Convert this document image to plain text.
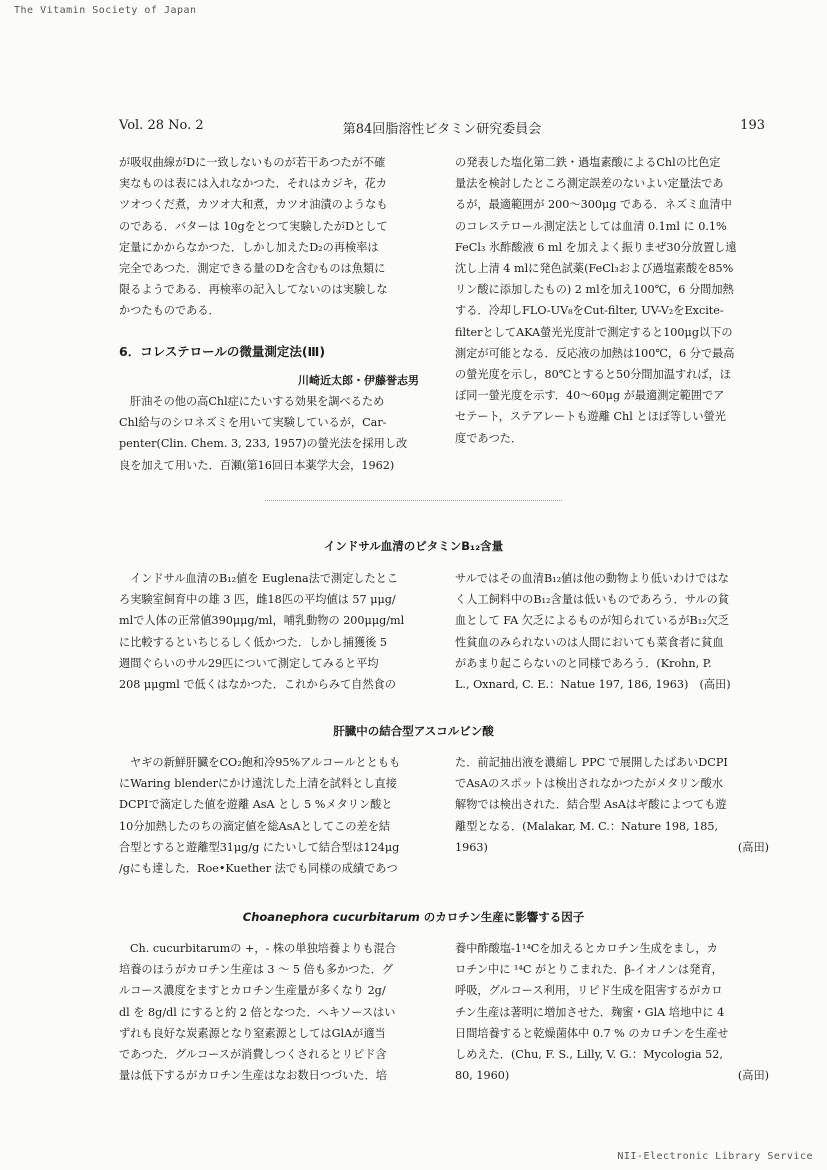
The Vitamin Society of Japan
Vol. 28 No. 2	第84回脂溶性ビタミン研究委員会	193
が吸収曲線がDに一致しないものが若干あつたが不確
実なものは表には入れなかつた．それはカジキ，花カ
ツオつくだ煮，カツオ大和煮，カツオ油漬のようなも
のである．バターは 10gをとつて実験したがDとして
定量にかからなかつた．しかし加えたD₂の再検率は
完全であつた．測定できる量のDを含むものは魚類に
限るようである．再検率の記入してないのは実験しな
かつたものである．
6．コレステロールの微量測定法(Ⅲ)
川崎近太郎・伊藤誉志男
肝油その他の高Chl症にたいする効果を調べるため
Chl給与のシロネズミを用いて実験しているが，Car-
penter(Clin. Chem. 3, 233, 1957)の螢光法を採用し改
良を加えて用いた．百瀬(第16回日本薬学大会，1962)
の発表した塩化第二鉄・過塩素酸によるChlの比色定
量法を検討したところ測定誤差のないよい定量法であ
るが，最適範囲が 200〜300μg である．ネズミ血清中
のコレステロール測定法としては血清 0.1ml に 0.1%
FeCl₃ 氷酢酸液 6 ml を加えよく振りまぜ30分放置し遠
沈し上清 4 mlに発色試薬(FeCl₃および過塩素酸を85%
リン酸に添加したもの) 2 mlを加え100℃，6 分間加熱
する．冷却しFLO-UV₈をCut-filter, UV-V₂をExcite-
filterとしてAKA螢光光度計で測定すると100μg以下の
測定が可能となる．反応液の加熱は100℃，6 分で最高
の螢光度を示し，80℃とすると50分間加温すれば，ほ
ぼ同一螢光度を示す．40〜60μg が最適測定範囲でア
セテート，ステアレートも遊離 Chl とほぼ等しい螢光
度であつた．
インドサル血清のビタミンB₁₂含量
インドサル血清のB₁₂値を Euglena法で測定したとこ
ろ実験室飼育中の雄 3 匹，雌18匹の平均値は 57 μμg/
mlで人体の正常値390μμg/ml，哺乳動物の 200μμg/ml
に比較するといちじるしく低かつた．しかし捕獲後 5
週間ぐらいのサル29匹について測定してみると平均
208 μμgml で低くはなかつた．これからみて自然食の
サルではその血清B₁₂値は他の動物より低いわけではな
く人工飼料中のB₁₂含量は低いものであろう．サルの貧
血として FA 欠乏によるものが知られているがB₁₂欠乏
性貧血のみられないのは人間においても菜食者に貧血
があまり起こらないのと同様であろう．(Krohn, P.
L., Oxnard, C. E.：Natue 197, 186, 1963)　(高田)
肝臓中の結合型アスコルビン酸
ヤギの新鮮肝臓をCO₂飽和冷95%アルコールとともも
にWaring blenderにかけ遠沈した上清を試料とし直接
DCPIで滴定した値を遊離 AsA とし 5 %メタリン酸と
10分加熱したのちの滴定値を総AsAとしてこの差を結
合型とすると遊離型31μg/g にたいして結合型は124μg
/gにも達した．Roe•Kuether 法でも同様の成績であつ
た．前記抽出液を濃縮し PPC で展開したばあいDCPI
でAsAのスポットは検出されなかつたがメタリン酸水
解物では検出された．結合型 AsAはギ酸によつても遊
離型となる．(Malakar, M. C.：Nature 198, 185,
1963)	(高田)
Choanephora cucurbitarum のカロチン生産に影響する因子
Ch. cucurbitarumの +，- 株の単独培養よりも混合
培養のほうがカロチン生産は 3 〜 5 倍も多かつた．グ
ルコース濃度をますとカロチン生産量が多くなり 2g/
dl を 8g/dl にすると約 2 倍となつた．ヘキソースはい
ずれも良好な炭素源となり窒素源としてはGlAが適当
であつた．グルコースが消費しつくされるとリピド含
量は低下するがカロチン生産はなお数日つづいた．培
養中酢酸塩-1¹⁴Cを加えるとカロチン生成をまし，カ
ロチン中に ¹⁴C がとりこまれた．β-イオノンは発育，
呼吸，グルコース利用，リピド生成を阻害するがカロ
チン生産は著明に増加させた．麹蜜・GlA 培地中に 4
日間培養すると乾燥菌体中 0.7 % のカロチンを生産せ
しめえた．(Chu, F. S., Lilly, V. G.：Mycologia 52,
80, 1960)	(高田)
NII-Electronic Library Service
